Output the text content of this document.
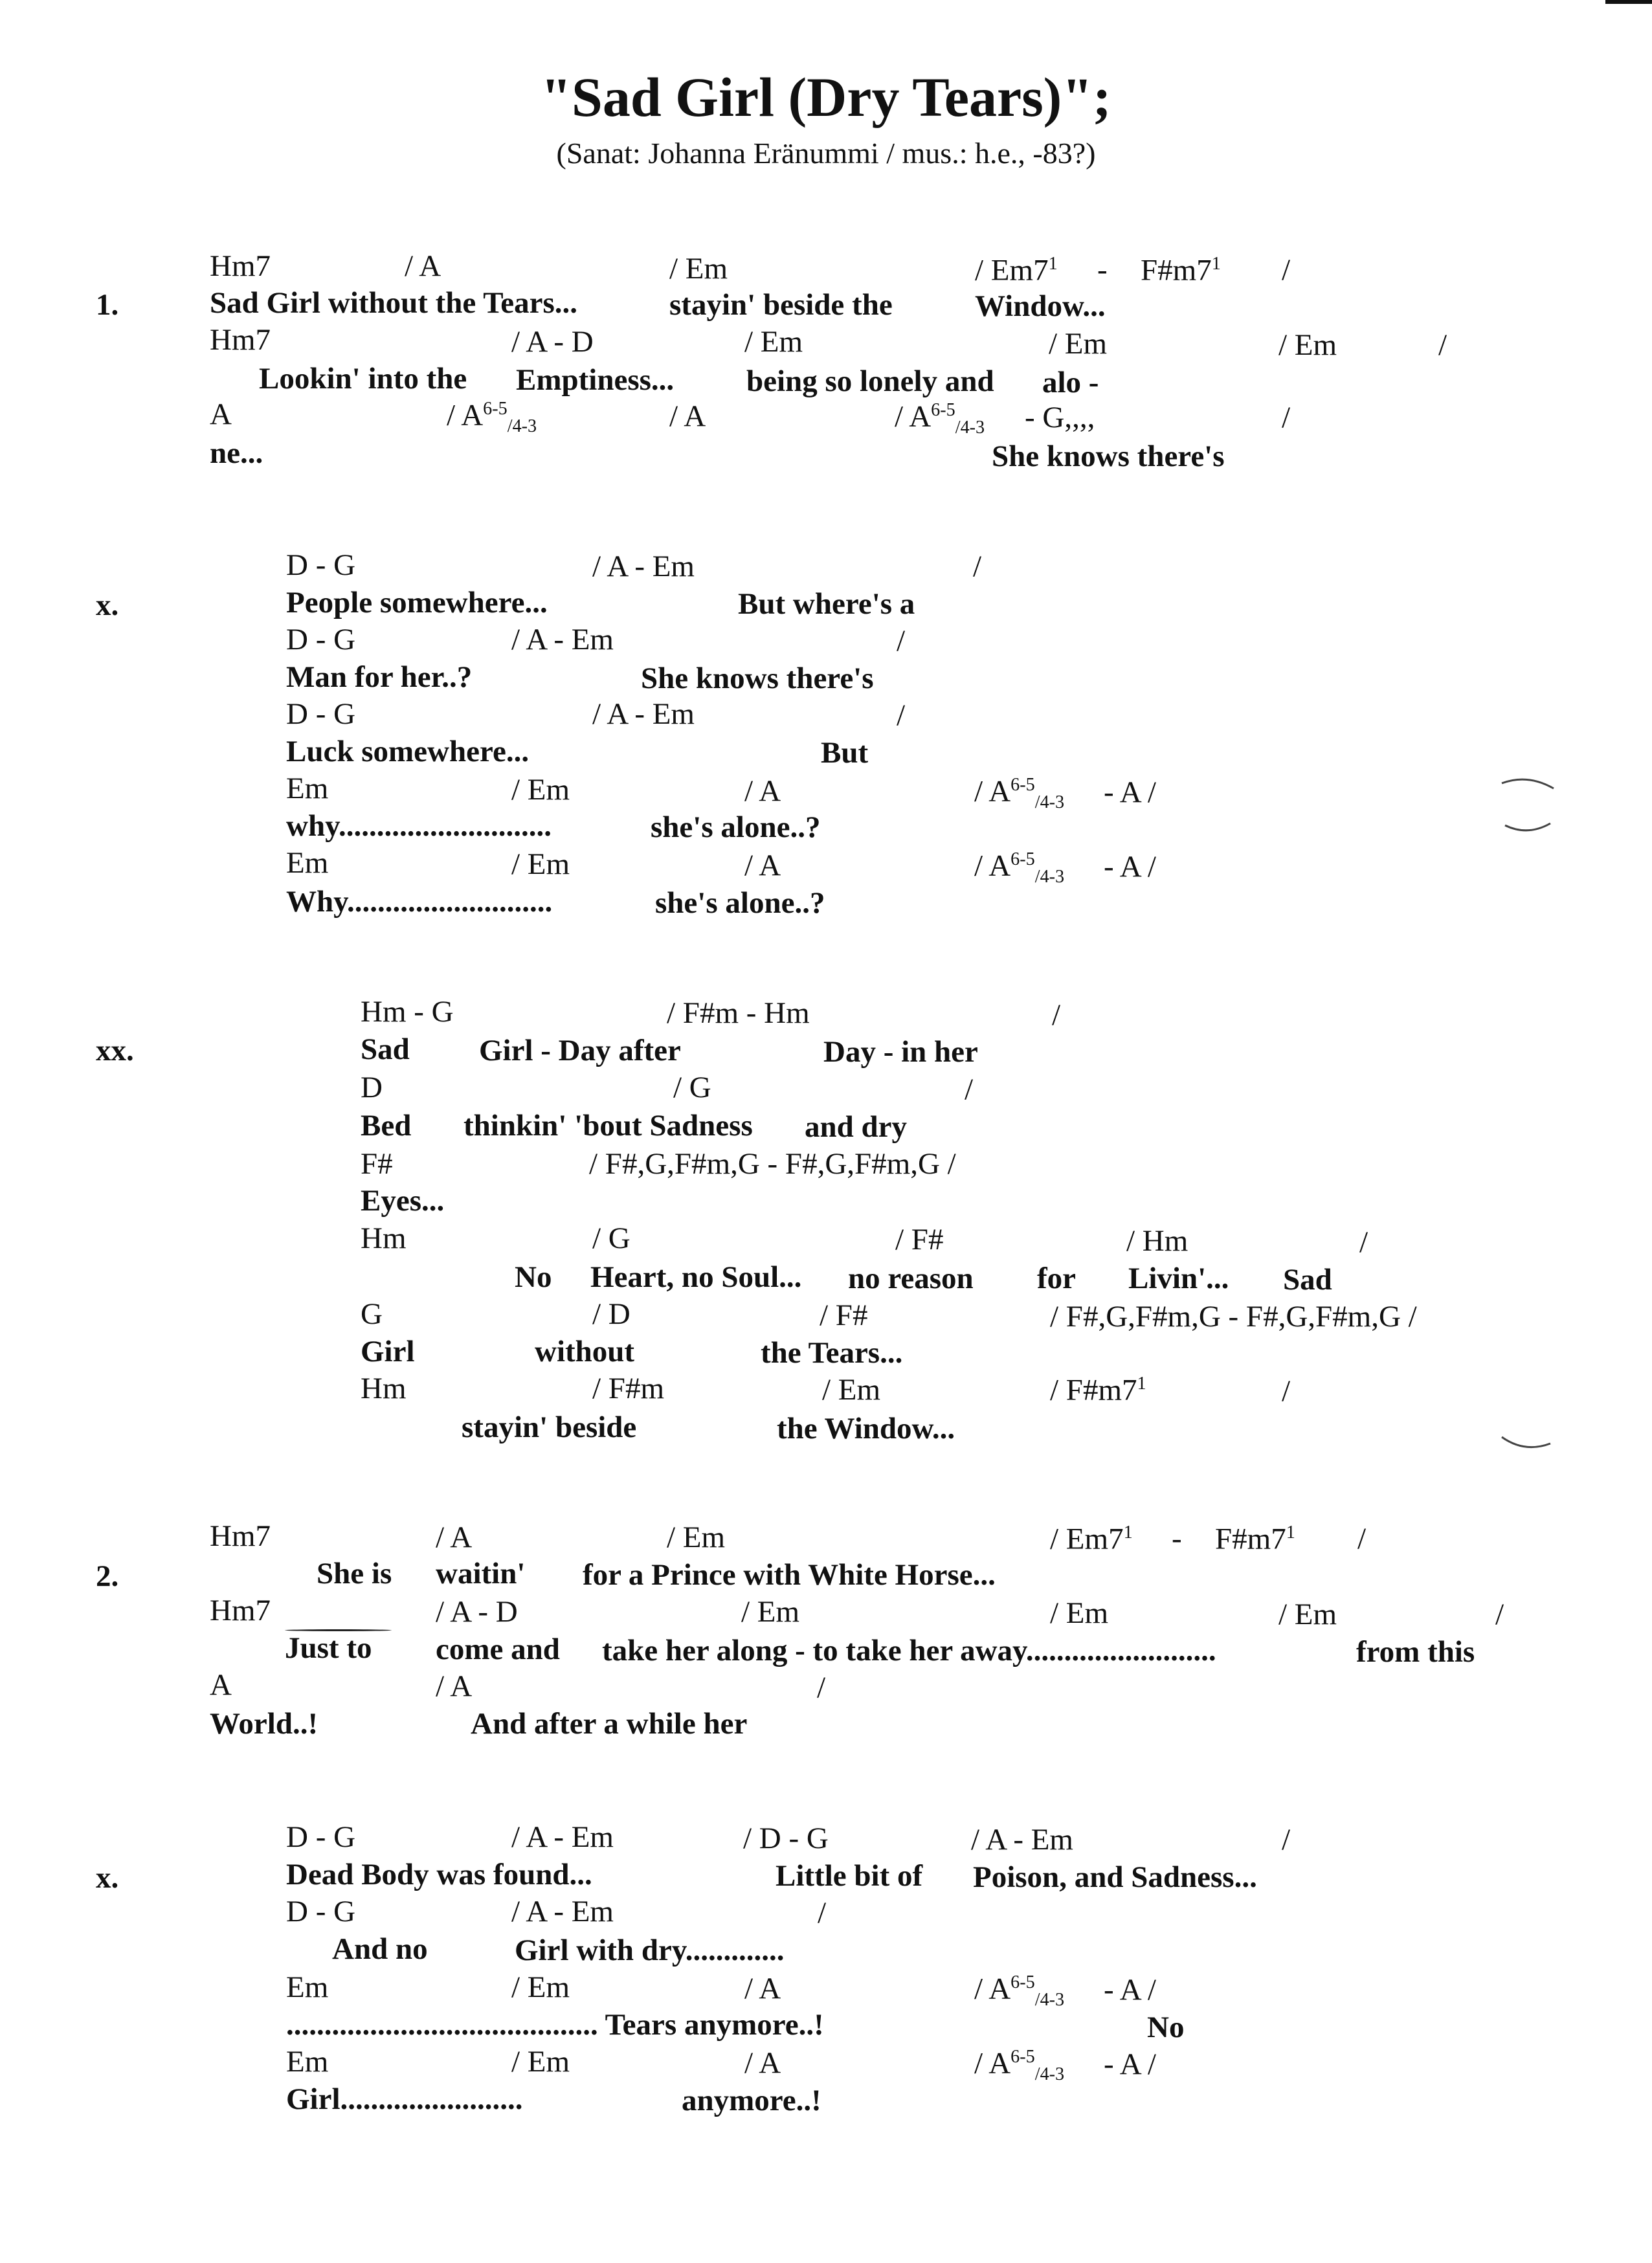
"Sad Girl (Dry Tears)";
(Sanat: Johanna Eränummi / mus.: h.e., -83?)
1.
Hm7	/ A	/ Em	/ $Em7^1$ - $F\#m7^1$ /
Sad Girl without the Tears...	stayin' beside the	Window...
Hm7	/ A - D	/ Em	/ Em	/ Em	/
Lookin' into the Emptiness... being so lonely and alo -
A	/ $A^{6-5}_{/4-3}$	/ A	/ $A^{6-5}_{/4-3}$ - G,,,,	/
ne...	She knows there's
x.
D - G	/ A - Em	/
People somewhere...	But where's a
D - G	/ A - Em	/
Man for her..?	She knows there's
D - G	/ A - Em	/
Luck somewhere...	But
Em	/ Em	/ A	/ $A^{6-5}_{/4-3}$ - A /
why............................	she's alone..?
Em	/ Em	/ A	/ $A^{6-5}_{/4-3}$ - A /
Why...........................	she's alone..?
xx.
Hm - G	/ F#m - Hm	/
Sad Girl - Day after	Day - in her
D	/ G	/
Bed thinkin' 'bout Sadness and dry
F#	/ F#,G,F#m,G - F#,G,F#m,G /
Eyes...
Hm	/ G	/ F#	/ Hm	/
No Heart, no Soul... no reason for Livin'... Sad
G	/ D	/ F#	/ F#,G,F#m,G - F#,G,F#m,G /
Girl	without	the Tears...
Hm	/ F#m	/ Em	/ $F\#m7^1$	/
stayin' beside	the Window...
2.
Hm7	/ A	/ Em	/ $Em7^1$ - $F\#m7^1$ /
She is waitin' for a Prince with White Horse...
Hm7	/ A - D	/ Em	/ Em	/ Em	/
Just to come and take her along - to take her away.........................	from this
A	/ A	/
World..!	And after a while her
x.
D - G	/ A - Em	/ D - G	/ A - Em	/
Dead Body was found...	Little bit of Poison, and Sadness...
D - G	/ A - Em	/
And no	Girl with dry.............
Em	/ Em	/ A	/ $A^{6-5}_{/4-3}$ - A /
......................................... Tears anymore..!	No
Em	/ Em	/ A	/ $A^{6-5}_{/4-3}$ - A /
Girl........................	anymore..!
